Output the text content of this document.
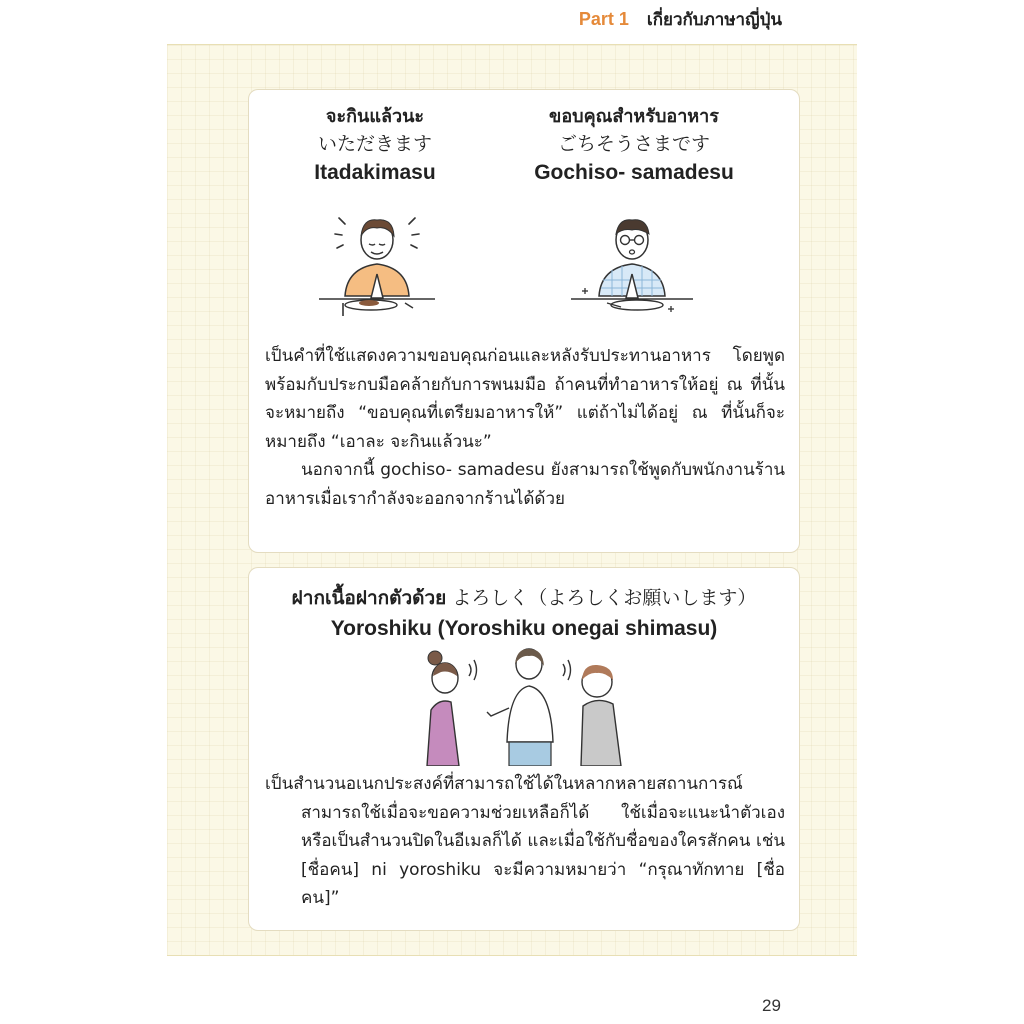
Part 1 เกี่ยวกับภาษาญี่ปุ่น
จะกินแล้วนะ
いただきます
Itadakimasu
ขอบคุณสำหรับอาหาร
ごちそうさまです
Gochiso- samadesu

เป็นคำที่ใช้แสดงความขอบคุณก่อนและหลังรับประทานอาหาร โดยพูดพร้อมกับประกบมือคล้ายกับการพนมมือ ถ้าคนที่ทำอาหารให้อยู่ ณ ที่นั้นจะหมายถึง “ขอบคุณที่เตรียมอาหารให้” แต่ถ้าไม่ได้อยู่ ณ ที่นั้นก็จะหมายถึง “เอาละ จะกินแล้วนะ”

นอกจากนี้ gochiso- samadesu ยังสามารถใช้พูดกับพนักงานร้านอาหารเมื่อเรากำลังจะออกจากร้านได้ด้วย

ฝากเนื้อฝากตัวด้วย よろしく（よろしくお願いします）
Yoroshiku (Yoroshiku onegai shimasu)

เป็นสำนวนอเนกประสงค์ที่สามารถใช้ได้ในหลากหลายสถานการณ์

สามารถใช้เมื่อจะขอความช่วยเหลือก็ได้ ใช้เมื่อจะแนะนำตัวเอง หรือเป็นสำนวนปิดในอีเมลก็ได้ และเมื่อใช้กับชื่อของใครสักคน เช่น [ชื่อคน] ni yoroshiku จะมีความหมายว่า “กรุณาทักทาย [ชื่อคน]”

29
